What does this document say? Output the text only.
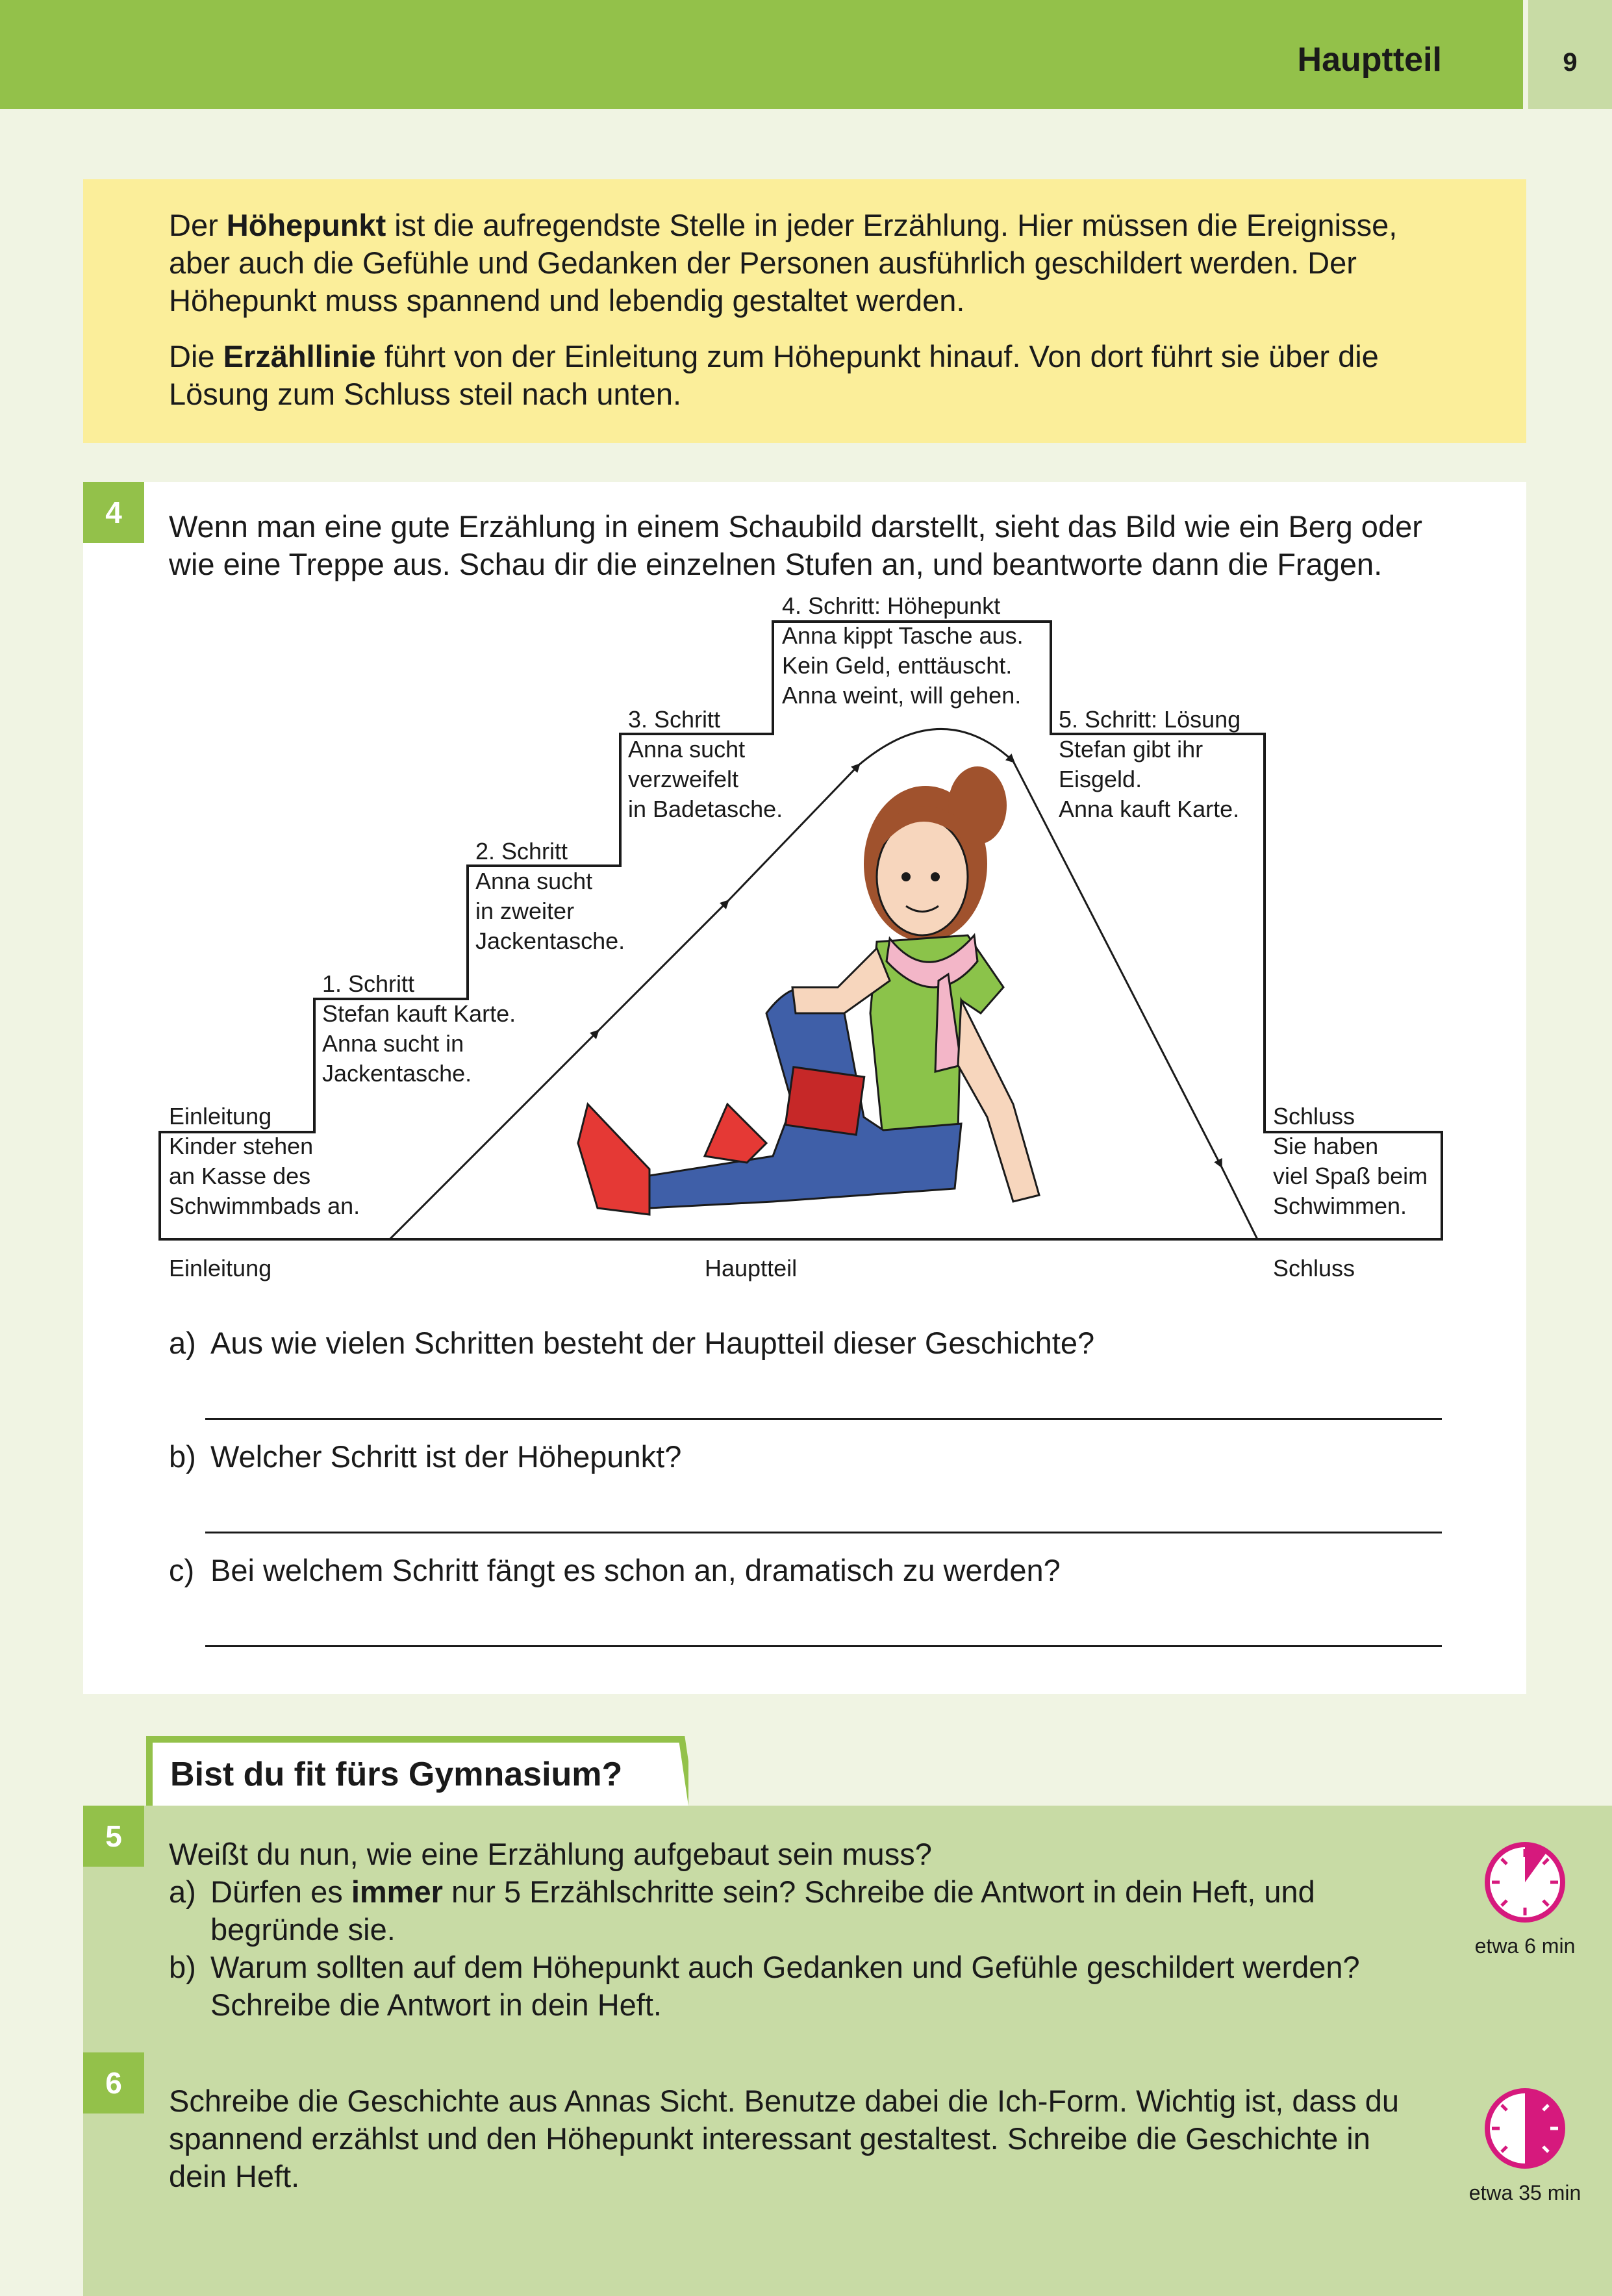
Hauptteil	9
Der Höhepunkt ist die aufregendste Stelle in jeder Erzählung. Hier müssen die Ereignisse, aber auch die Gefühle und Gedanken der Personen ausführlich geschildert werden. Der Höhepunkt muss spannend und lebendig gestaltet werden.
Die Erzähllinie führt von der Einleitung zum Höhepunkt hinauf. Von dort führt sie über die Lösung zum Schluss steil nach unten.
4	Wenn man eine gute Erzählung in einem Schaubild darstellt, sieht das Bild wie ein Berg oder wie eine Treppe aus. Schau dir die einzelnen Stufen an, und beantworte dann die Fragen.
Einleitung
Kinder stehen
an Kasse des
Schwimmbads an.
1. Schritt
Stefan kauft Karte.
Anna sucht in
Jackentasche.
2. Schritt
Anna sucht
in zweiter
Jackentasche.
3. Schritt
Anna sucht
verzweifelt
in Badetasche.
4. Schritt: Höhepunkt
Anna kippt Tasche aus.
Kein Geld, enttäuscht.
Anna weint, will gehen.
5. Schritt: Lösung
Stefan gibt ihr
Eisgeld.
Anna kauft Karte.
Schluss
Sie haben
viel Spaß beim
Schwimmen.
Einleitung	Hauptteil	Schluss
a) Aus wie vielen Schritten besteht der Hauptteil dieser Geschichte?
b) Welcher Schritt ist der Höhepunkt?
c) Bei welchem Schritt fängt es schon an, dramatisch zu werden?
Bist du fit fürs Gymnasium?
5
Weißt du nun, wie eine Erzählung aufgebaut sein muss?
a) Dürfen es immer nur 5 Erzählschritte sein? Schreibe die Antwort in dein Heft, und begründe sie.
b) Warum sollten auf dem Höhepunkt auch Gedanken und Gefühle geschildert werden? Schreibe die Antwort in dein Heft.
etwa 6 min
6
Schreibe die Geschichte aus Annas Sicht. Benutze dabei die Ich-Form. Wichtig ist, dass du spannend erzählst und den Höhepunkt interessant gestaltest. Schreibe die Geschichte in dein Heft.	etwa 35 min
